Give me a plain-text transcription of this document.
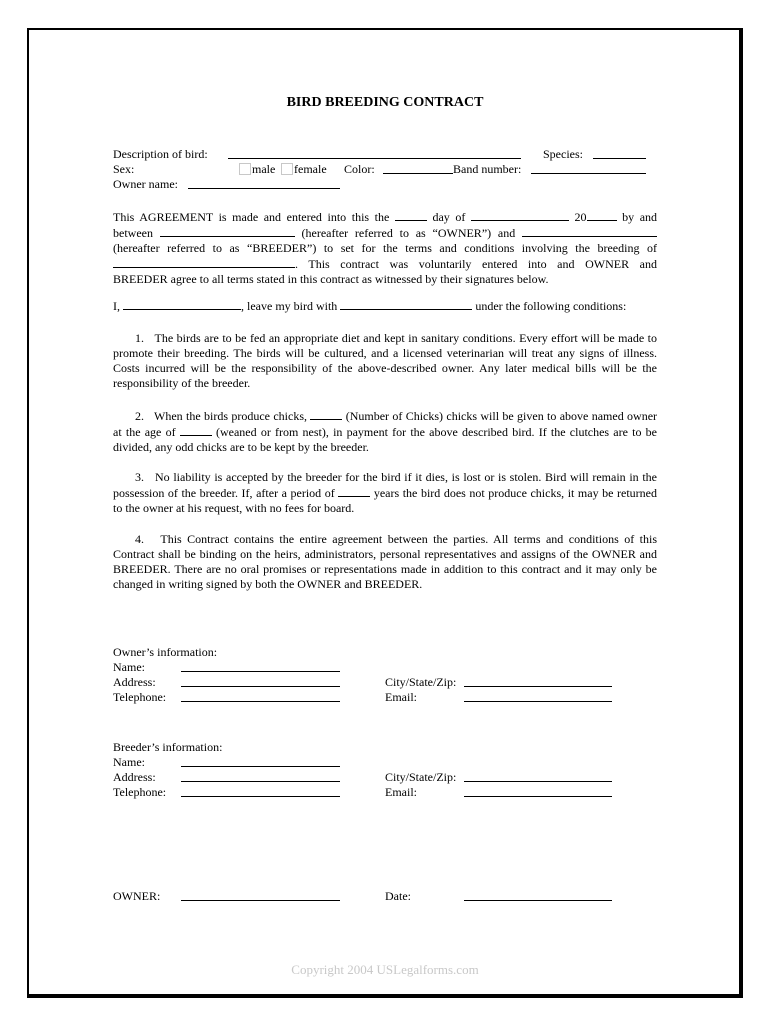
BIRD BREEDING CONTRACT
Description of bird:	Species:
Sex:	male	female Color:	Band number:
Owner name:

This AGREEMENT is made and entered into this the	day of	20	by and

between	(hereafter referred to as “OWNER”) and

(hereafter referred to as “BREEDER”) to set for the terms and conditions involving the breeding of

. This contract was voluntarily entered into and OWNER and

BREEDER agree to all terms stated in this contract as witnessed by their signatures below.

I,	, leave my bird with	under the following conditions:
1. The birds are to be fed an appropriate diet and kept in sanitary conditions. Every effort will be made to promote their breeding. The birds will be cultured, and a licensed veterinarian will treat any signs of illness. Costs incurred will be the responsibility of the above-described owner. Any later medical bills will be the responsibility of the breeder.
2. When the birds produce chicks,	(Number of Chicks) chicks will be given to above named owner at the age of	(weaned or from nest), in payment for the above described bird. If the clutches are to be divided, any odd chicks are to be kept by the breeder.
3. No liability is accepted by the breeder for the bird if it dies, is lost or is stolen. Bird will remain in the possession of the breeder. If, after a period of	years the bird does not produce chicks, it may be returned to the owner at his request, with no fees for board.
4. This Contract contains the entire agreement between the parties. All terms and conditions of this Contract shall be binding on the heirs, administrators, personal representatives and assigns of the OWNER and BREEDER. There are no oral promises or representations made in addition to this contract and it may only be changed in writing signed by both the OWNER and BREEDER.
Owner’s information:
Name:
Address:	City/State/Zip:
Telephone:	Email:
Breeder’s information:
Name:
Address:	City/State/Zip:
Telephone:	Email:
OWNER:	Date:
Copyright 2004 USLegalforms.com
